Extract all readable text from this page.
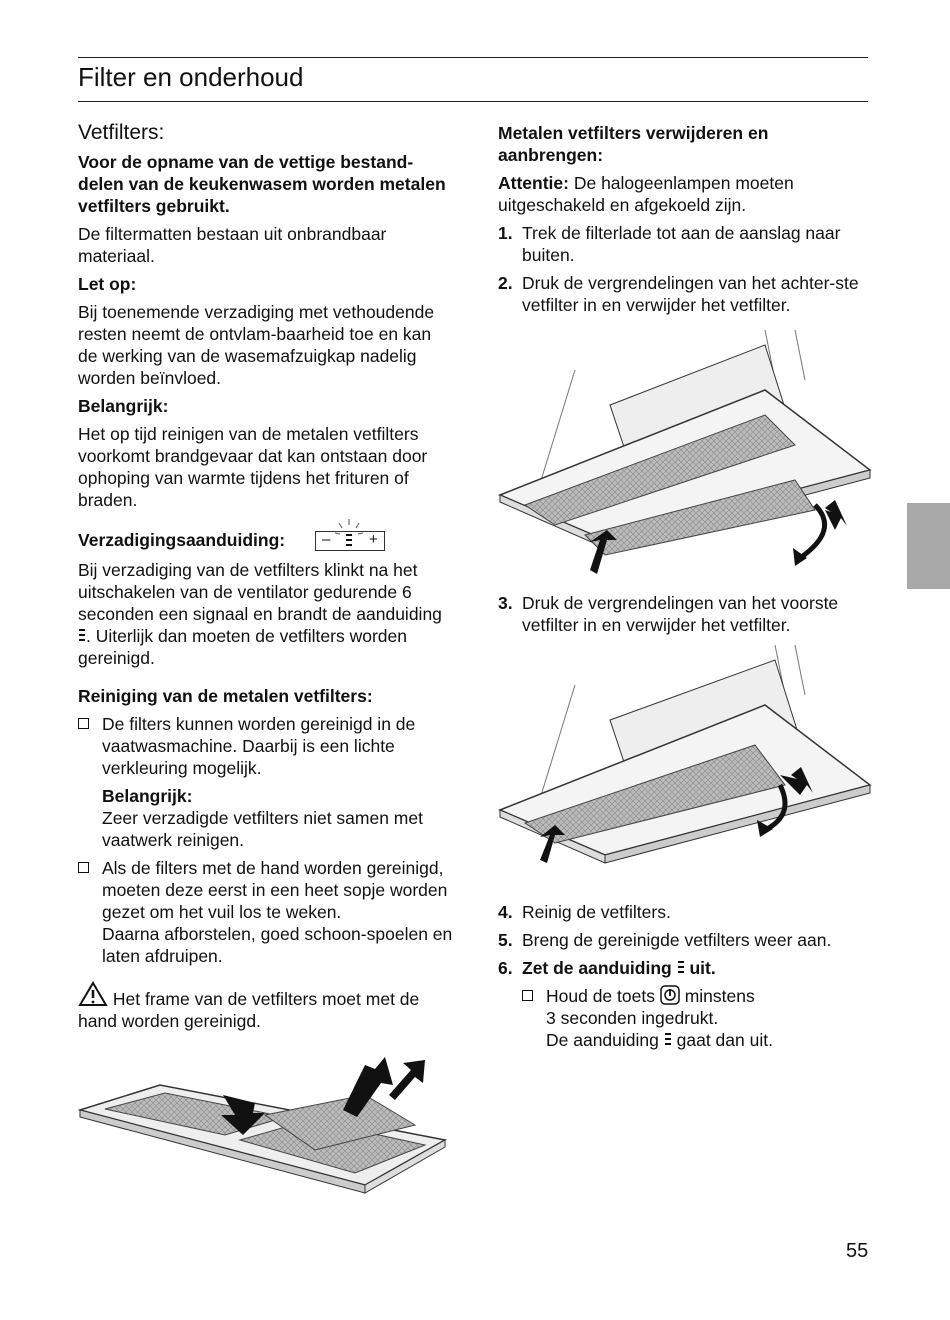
Filter en onderhoud
Vetfilters:
Voor de opname van de vettige bestand-delen van de keukenwasem worden metalen vetfilters gebruikt.
De filtermatten bestaan uit onbrandbaar materiaal.
Let op:
Bij toenemende verzadiging met vethoudende resten neemt de ontvlam-baarheid toe en kan de werking van de wasemafzuigkap nadelig worden beïnvloed.
Belangrijk:
Het op tijd reinigen van de metalen vetfilters voorkomt brandgevaar dat kan ontstaan door ophoping van warmte tijdens het frituren of braden.
Verzadigingsaanduiding: –	+
Bij verzadiging van de vetfilters klinkt na het uitschakelen van de ventilator gedurende 6 seconden een signaal en brandt de aanduiding
. Uiterlijk dan moeten de vetfilters worden gereinigd.
Reiniging van de metalen vetfilters:
De filters kunnen worden gereinigd in de vaatwasmachine. Daarbij is een lichte verkleuring mogelijk.
Belangrijk:
Zeer verzadigde vetfilters niet samen met vaatwerk reinigen.
Als de filters met de hand worden gereinigd, moeten deze eerst in een heet sopje worden gezet om het vuil los te weken.
Daarna afborstelen, goed schoon-spoelen en laten afdruipen.
Het frame van de vetfilters moet met de hand worden gereinigd.
Metalen vetfilters verwijderen en aanbrengen:
Attentie: De halogeenlampen moeten uitgeschakeld en afgekoeld zijn.
1. Trek de filterlade tot aan de aanslag naar buiten.
2. Druk de vergrendelingen van het achter-ste vetfilter in en verwijder het vetfilter.
3. Druk de vergrendelingen van het voorste vetfilter in en verwijder het vetfilter.
4. Reinig de vetfilters.
5. Breng de gereinigde vetfilters weer aan.
6. Zet de aanduiding uit.
Houd de toets minstens
3 seconden ingedrukt.
De aanduiding gaat dan uit.
55
